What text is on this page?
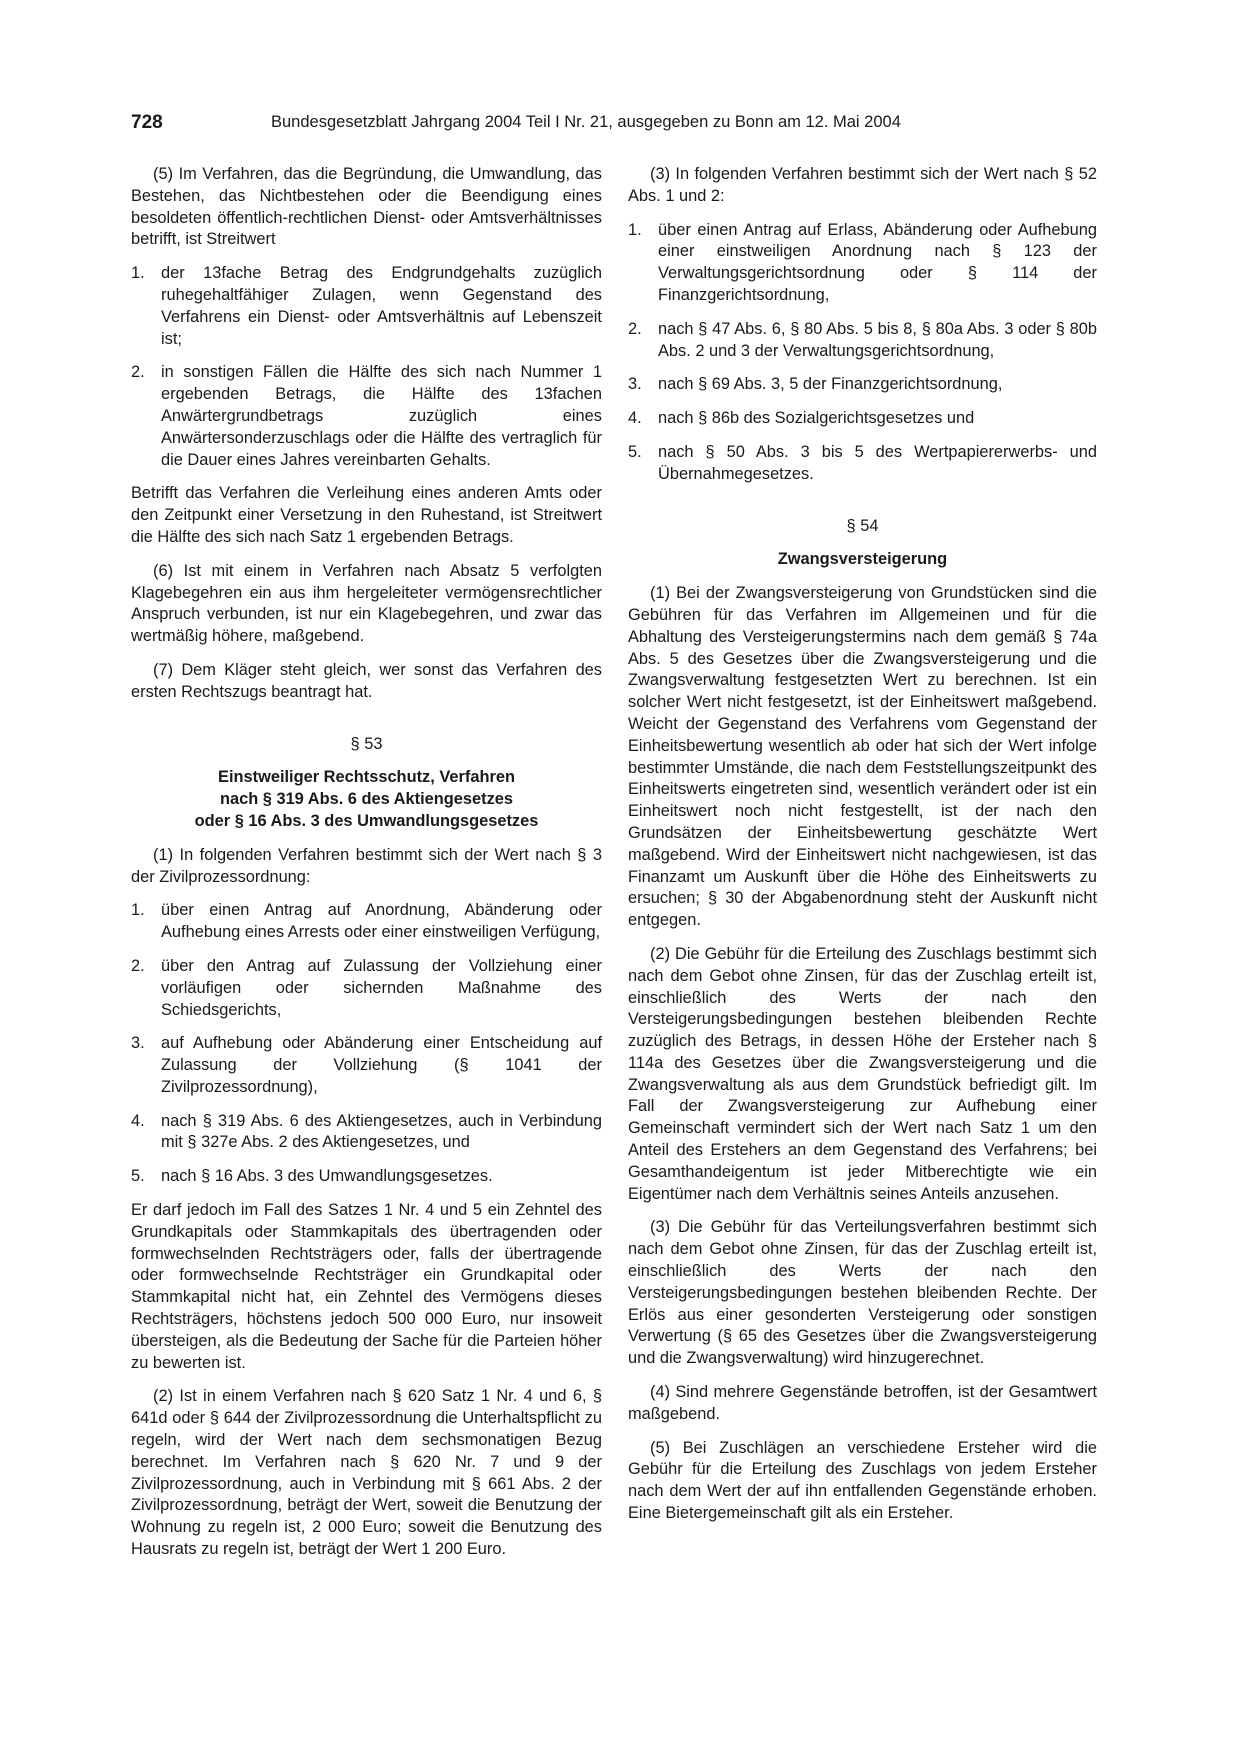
728	Bundesgesetzblatt Jahrgang 2004 Teil I Nr. 21, ausgegeben zu Bonn am 12. Mai 2004

(5) Im Verfahren, das die Begründung, die Umwandlung, das Bestehen, das Nichtbestehen oder die Beendigung eines besoldeten öffentlich-rechtlichen Dienst- oder Amtsverhältnisses betrifft, ist Streitwert

1. der 13fache Betrag des Endgrundgehalts zuzüglich ruhegehaltfähiger Zulagen, wenn Gegenstand des Verfahrens ein Dienst- oder Amtsverhältnis auf Lebenszeit ist;
2. in sonstigen Fällen die Hälfte des sich nach Nummer 1 ergebenden Betrags, die Hälfte des 13fachen Anwärtergrundbetrags zuzüglich eines Anwärtersonderzuschlags oder die Hälfte des vertraglich für die Dauer eines Jahres vereinbarten Gehalts.

Betrifft das Verfahren die Verleihung eines anderen Amts oder den Zeitpunkt einer Versetzung in den Ruhestand, ist Streitwert die Hälfte des sich nach Satz 1 ergebenden Betrags.

(6) Ist mit einem in Verfahren nach Absatz 5 verfolgten Klagebegehren ein aus ihm hergeleiteter vermögensrechtlicher Anspruch verbunden, ist nur ein Klagebegehren, und zwar das wertmäßig höhere, maßgebend.

(7) Dem Kläger steht gleich, wer sonst das Verfahren des ersten Rechtszugs beantragt hat.

§ 53
Einstweiliger Rechtsschutz, Verfahren
nach § 319 Abs. 6 des Aktiengesetzes
oder § 16 Abs. 3 des Umwandlungsgesetzes

(1) In folgenden Verfahren bestimmt sich der Wert nach § 3 der Zivilprozessordnung:

1. über einen Antrag auf Anordnung, Abänderung oder Aufhebung eines Arrests oder einer einstweiligen Verfügung,
2. über den Antrag auf Zulassung der Vollziehung einer vorläufigen oder sichernden Maßnahme des Schiedsgerichts,
3. auf Aufhebung oder Abänderung einer Entscheidung auf Zulassung der Vollziehung (§ 1041 der Zivilprozessordnung),
4. nach § 319 Abs. 6 des Aktiengesetzes, auch in Verbindung mit § 327e Abs. 2 des Aktiengesetzes, und
5. nach § 16 Abs. 3 des Umwandlungsgesetzes.

Er darf jedoch im Fall des Satzes 1 Nr. 4 und 5 ein Zehntel des Grundkapitals oder Stammkapitals des übertragenden oder formwechselnden Rechtsträgers oder, falls der übertragende oder formwechselnde Rechtsträger ein Grundkapital oder Stammkapital nicht hat, ein Zehntel des Vermögens dieses Rechtsträgers, höchstens jedoch 500 000 Euro, nur insoweit übersteigen, als die Bedeutung der Sache für die Parteien höher zu bewerten ist.

(2) Ist in einem Verfahren nach § 620 Satz 1 Nr. 4 und 6, § 641d oder § 644 der Zivilprozessordnung die Unterhaltspflicht zu regeln, wird der Wert nach dem sechsmonatigen Bezug berechnet. Im Verfahren nach § 620 Nr. 7 und 9 der Zivilprozessordnung, auch in Verbindung mit § 661 Abs. 2 der Zivilprozessordnung, beträgt der Wert, soweit die Benutzung der Wohnung zu regeln ist, 2 000 Euro; soweit die Benutzung des Hausrats zu regeln ist, beträgt der Wert 1 200 Euro.

(3) In folgenden Verfahren bestimmt sich der Wert nach § 52 Abs. 1 und 2:

1. über einen Antrag auf Erlass, Abänderung oder Aufhebung einer einstweiligen Anordnung nach § 123 der Verwaltungsgerichtsordnung oder § 114 der Finanzgerichtsordnung,
2. nach § 47 Abs. 6, § 80 Abs. 5 bis 8, § 80a Abs. 3 oder § 80b Abs. 2 und 3 der Verwaltungsgerichtsordnung,
3. nach § 69 Abs. 3, 5 der Finanzgerichtsordnung,
4. nach § 86b des Sozialgerichtsgesetzes und
5. nach § 50 Abs. 3 bis 5 des Wertpapiererwerbs- und Übernahmegesetzes.
§ 54
Zwangsversteigerung

(1) Bei der Zwangsversteigerung von Grundstücken sind die Gebühren für das Verfahren im Allgemeinen und für die Abhaltung des Versteigerungstermins nach dem gemäß § 74a Abs. 5 des Gesetzes über die Zwangsversteigerung und die Zwangsverwaltung festgesetzten Wert zu berechnen. Ist ein solcher Wert nicht festgesetzt, ist der Einheitswert maßgebend. Weicht der Gegenstand des Verfahrens vom Gegenstand der Einheitsbewertung wesentlich ab oder hat sich der Wert infolge bestimmter Umstände, die nach dem Feststellungszeitpunkt des Einheitswerts eingetreten sind, wesentlich verändert oder ist ein Einheitswert noch nicht festgestellt, ist der nach den Grundsätzen der Einheitsbewertung geschätzte Wert maßgebend. Wird der Einheitswert nicht nachgewiesen, ist das Finanzamt um Auskunft über die Höhe des Einheitswerts zu ersuchen; § 30 der Abgabenordnung steht der Auskunft nicht entgegen.

(2) Die Gebühr für die Erteilung des Zuschlags bestimmt sich nach dem Gebot ohne Zinsen, für das der Zuschlag erteilt ist, einschließlich des Werts der nach den Versteigerungsbedingungen bestehen bleibenden Rechte zuzüglich des Betrags, in dessen Höhe der Ersteher nach § 114a des Gesetzes über die Zwangsversteigerung und die Zwangsverwaltung als aus dem Grundstück befriedigt gilt. Im Fall der Zwangsversteigerung zur Aufhebung einer Gemeinschaft vermindert sich der Wert nach Satz 1 um den Anteil des Erstehers an dem Gegenstand des Verfahrens; bei Gesamthandeigentum ist jeder Mitberechtigte wie ein Eigentümer nach dem Verhältnis seines Anteils anzusehen.

(3) Die Gebühr für das Verteilungsverfahren bestimmt sich nach dem Gebot ohne Zinsen, für das der Zuschlag erteilt ist, einschließlich des Werts der nach den Versteigerungsbedingungen bestehen bleibenden Rechte. Der Erlös aus einer gesonderten Versteigerung oder sonstigen Verwertung (§ 65 des Gesetzes über die Zwangsversteigerung und die Zwangsverwaltung) wird hinzugerechnet.

(4) Sind mehrere Gegenstände betroffen, ist der Gesamtwert maßgebend.

(5) Bei Zuschlägen an verschiedene Ersteher wird die Gebühr für die Erteilung des Zuschlags von jedem Ersteher nach dem Wert der auf ihn entfallenden Gegenstände erhoben. Eine Bietergemeinschaft gilt als ein Ersteher.
